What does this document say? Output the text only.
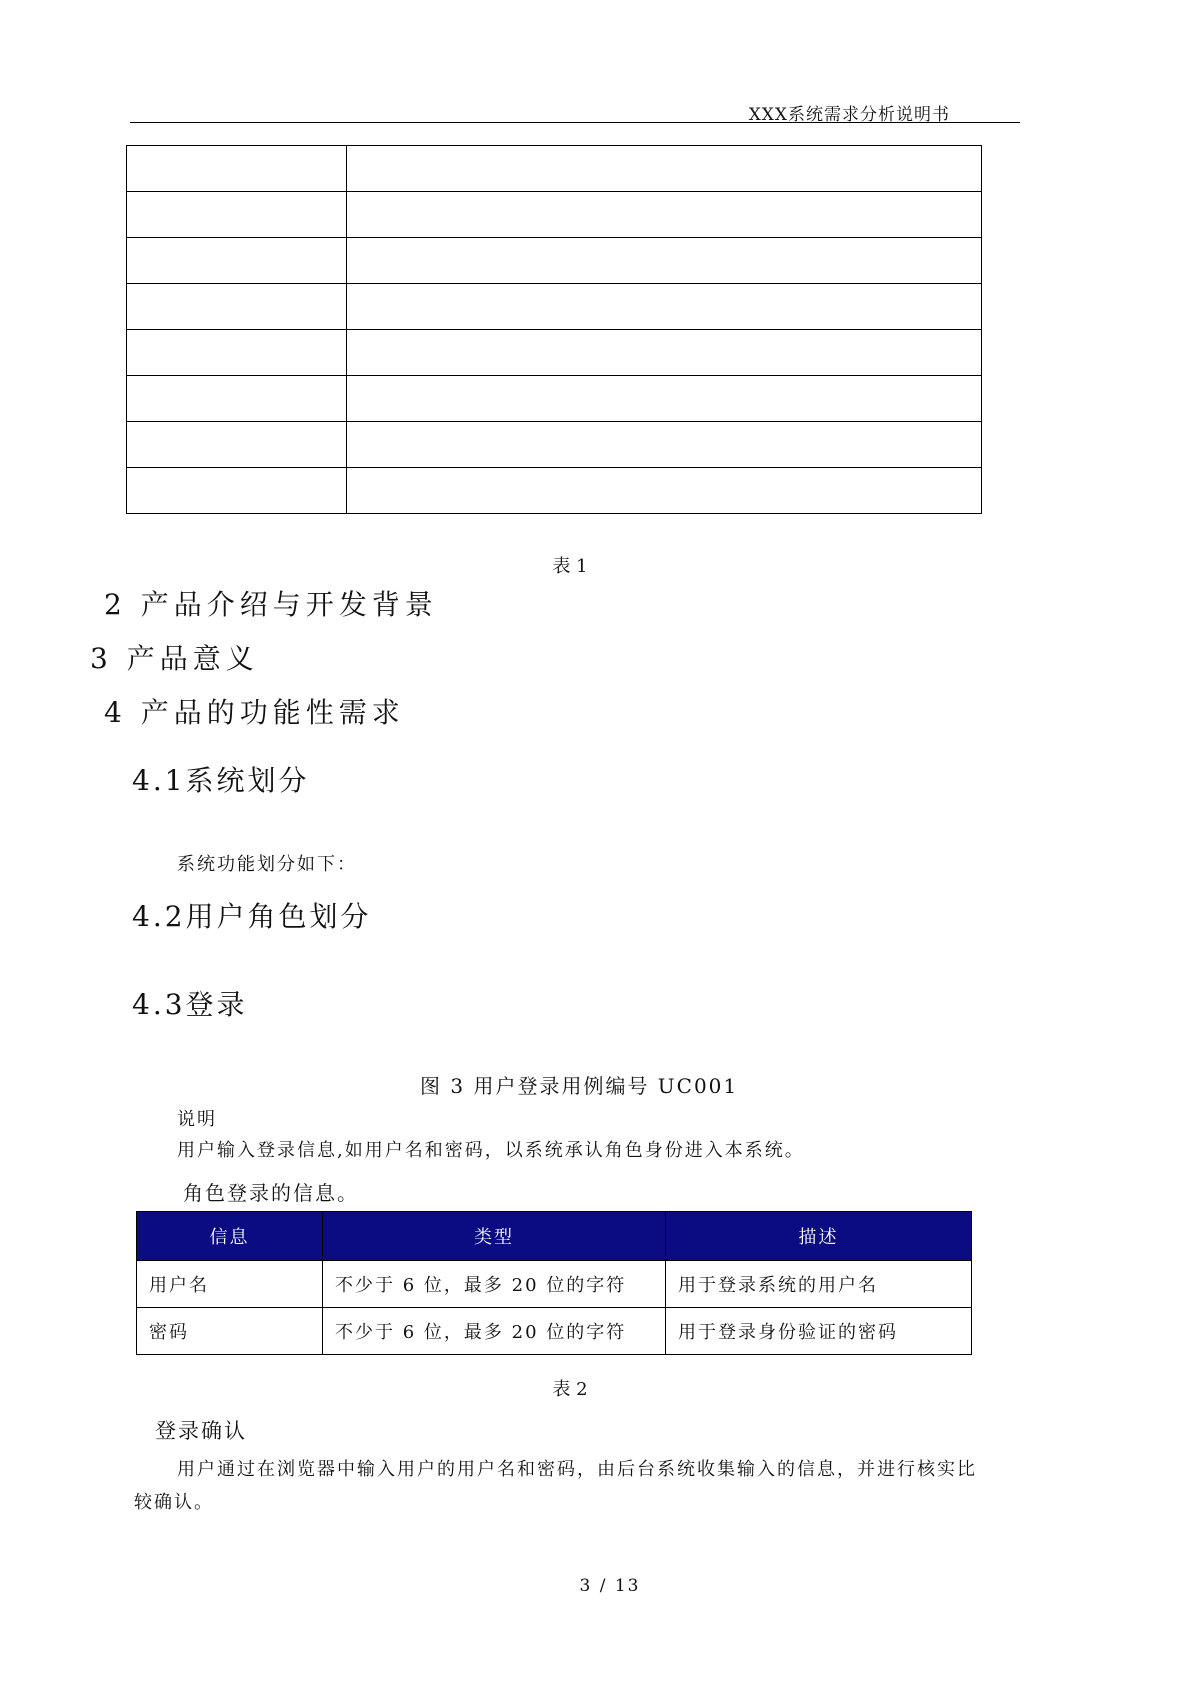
XXX系统需求分析说明书

表 1
2 产品介绍与开发背景
3 产品意义
4 产品的功能性需求
4.1系统划分
系统功能划分如下：
4.2用户角色划分
4.3登录
图 3 用户登录用例编号 UC001
说明
用户输入登录信息,如用户名和密码，以系统承认角色身份进入本系统。
角色登录的信息。
信息	类型	描述
用户名	不少于 6 位，最多 20 位的字符	用于登录系统的用户名
密码	不少于 6 位，最多 20 位的字符	用于登录身份验证的密码
表 2
登录确认
用户通过在浏览器中输入用户的用户名和密码，由后台系统收集输入的信息，并进行核实比
较确认。
3 / 13
